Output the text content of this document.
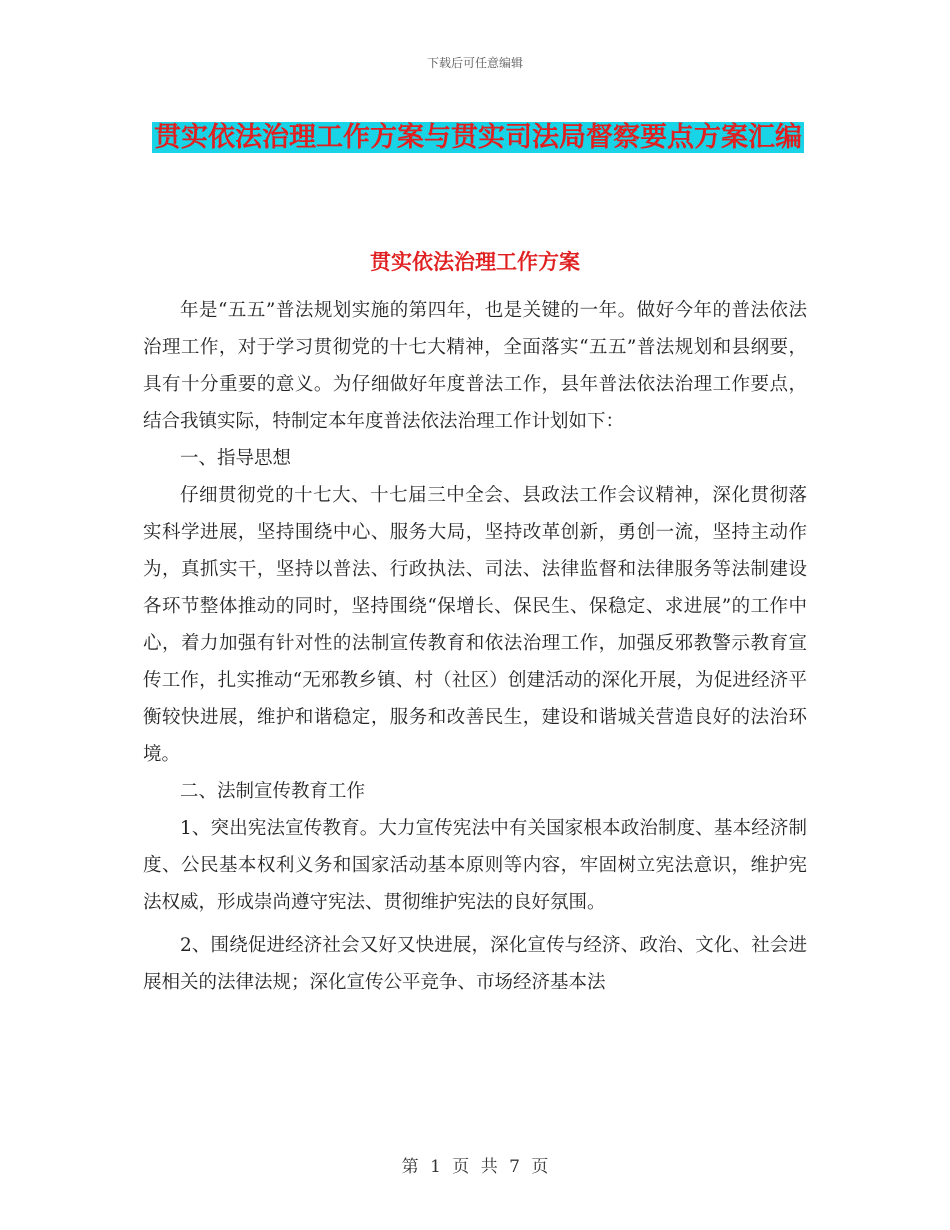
下载后可任意编辑
贯实依法治理工作方案与贯实司法局督察要点方案汇编
贯实依法治理工作方案

年是“五五”普法规划实施的第四年，也是关键的一年。做好今年的普法依法治理工作，对于学习贯彻党的十七大精神，全面落实“五五”普法规划和县纲要，具有十分重要的意义。为仔细做好年度普法工作，县年普法依法治理工作要点，结合我镇实际，特制定本年度普法依法治理工作计划如下：

一、指导思想

仔细贯彻党的十七大、十七届三中全会、县政法工作会议精神，深化贯彻落实科学进展，坚持围绕中心、服务大局，坚持改革创新，勇创一流，坚持主动作为，真抓实干，坚持以普法、行政执法、司法、法律监督和法律服务等法制建设各环节整体推动的同时，坚持围绕“保增长、保民生、保稳定、求进展”的工作中心，着力加强有针对性的法制宣传教育和依法治理工作，加强反邪教警示教育宣传工作，扎实推动“无邪教乡镇、村（社区）创建活动的深化开展，为促进经济平衡较快进展，维护和谐稳定，服务和改善民生，建设和谐城关营造良好的法治环境。

二、法制宣传教育工作

1、突出宪法宣传教育。大力宣传宪法中有关国家根本政治制度、基本经济制度、公民基本权利义务和国家活动基本原则等内容，牢固树立宪法意识，维护宪法权威，形成崇尚遵守宪法、贯彻维护宪法的良好氛围。

2、围绕促进经济社会又好又快进展，深化宣传与经济、政治、文化、社会进展相关的法律法规；深化宣传公平竞争、市场经济基本法

第 1 页 共 7 页
